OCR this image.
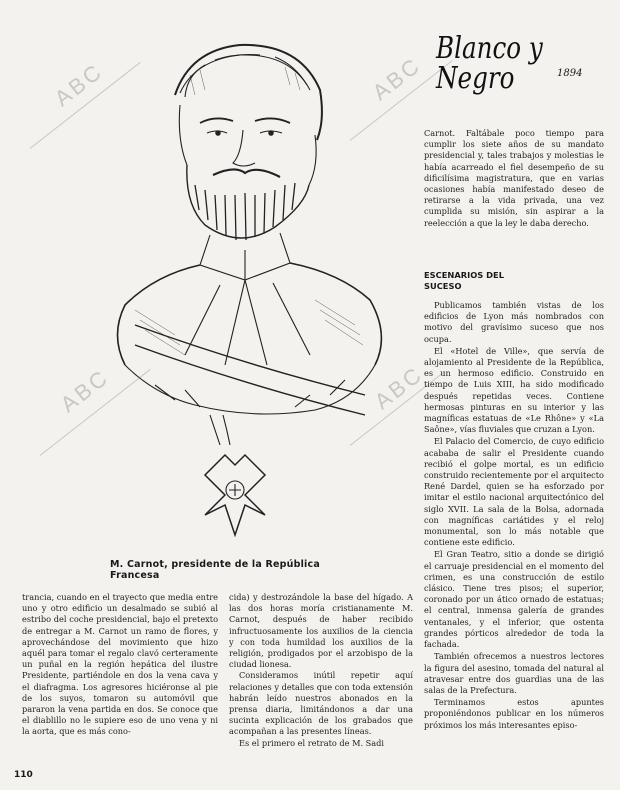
ABC	ABC
ABC	ABC
Blanco y Negro	1894
M. Carnot, presidente de la República Francesa

Carnot. Faltábale poco tiempo para cumplir los siete años de su mandato presidencial y, tales trabajos y molestias le había acarreado el fiel desempeño de su dificilísima magistratura, que en varias ocasiones había manifestado deseo de retirarse a la vida privada, una vez cumplida su misión, sin aspirar a la reelección a que la ley le daba derecho.

ESCENARIOS DEL SUCESO

Publicamos también vistas de los edificios de Lyon más nombrados con motivo del gravísimo suceso que nos ocupa.

El «Hotel de Ville», que servía de alojamiento al Presidente de la República, es un hermoso edificio. Construido en tiempo de Luis XIII, ha sido modificado después repetidas veces. Contiene hermosas pinturas en su interior y las magníficas estatuas de «Le Rhône» y «La Saône», vías fluviales que cruzan a Lyon.

El Palacio del Comercio, de cuyo edificio acababa de salir el Presidente cuando recibió el golpe mortal, es un edificio construido recientemente por el arquitecto René Dardel, quien se ha esforzado por imitar el estilo nacional arquitectónico del siglo XVII. La sala de la Bolsa, adornada con magníficas cariátides y el reloj monumental, son lo más notable que contiene este edificio.

El Gran Teatro, sitio a donde se dirigió el carruaje presidencial en el momento del crimen, es una construcción de estilo clásico. Tiene tres pisos; el superior, coronado por un ático ornado de estatuas; el central, inmensa galería de grandes ventanales, y el inferior, que ostenta grandes pórticos alrededor de toda la fachada.

También ofrecemos a nuestros lectores la figura del asesino, tomada del natural al atravesar entre dos guardias una de las salas de la Prefectura.

Terminamos estos apuntes proponiéndonos publicar en los números próximos los más interesantes episo-

trancia, cuando en el trayecto que media entre uno y otro edificio un desalmado se subió al estribo del coche presidencial, bajo el pretexto de entregar a M. Carnot un ramo de flores, y aprovechándose del movimiento que hizo aquél para tomar el regalo clavó certeramente un puñal en la región hepática del ilustre Presidente, partiéndole en dos la vena cava y el diafragma. Los agresores hiciéronse al pie de los suyos, tomaron su automóvil que pararon la vena partida en dos. Se conoce que el diablillo no le supiere eso de uno vena y ni la aorta, que es más cono-

cida) y destrozándole la base del hígado. A las dos horas moría cristianamente M. Carnot, después de haber recibido infructuosamente los auxilios de la ciencia y con toda humildad los auxilios de la religión, prodigados por el arzobispo de la ciudad lionesa.

Consideramos inútil repetir aquí relaciones y detalles que con toda extensión habrán leído nuestros abonados en la prensa diaria, limitándonos a dar una sucinta explicación de los grabados que acompañan a las presentes líneas.

Es el primero el retrato de M. Sadi

110
